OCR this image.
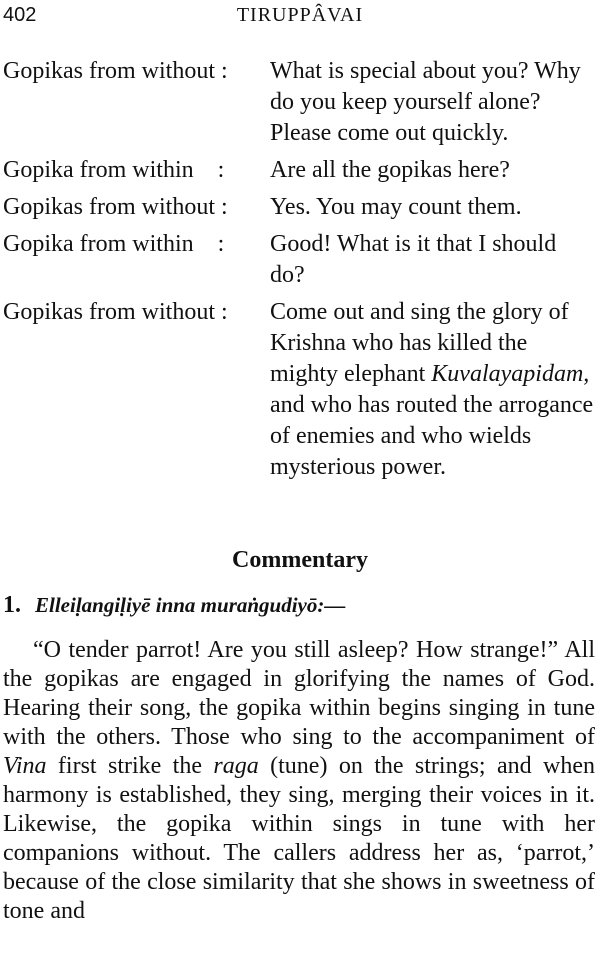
402	TIRUPPÂVAI
Gopikas from without :	What is special about you? Why do you keep yourself alone? Please come out quickly.
Gopika from within    :	Are all the gopikas here?
Gopikas from without :	Yes. You may count them.
Gopika from within    :	Good! What is it that I should do?
Gopikas from without :	Come out and sing the glory of Krishna who has killed the mighty elephant Kuvalayapidam, and who has routed the arrogance of enemies and who wields mysterious power.
Commentary
1. Elleiḷangiḷiyē inna muraṅgudiyō:—

“O tender parrot! Are you still asleep? How strange!” All the gopikas are engaged in glorifying the names of God. Hearing their song, the gopika within begins singing in tune with the others. Those who sing to the accompaniment of Vina first strike the raga (tune) on the strings; and when harmony is established, they sing, merging their voices in it. Likewise, the gopika within sings in tune with her companions without. The callers address her as, ‘parrot,’ because of the close similarity that she shows in sweetness of tone and
